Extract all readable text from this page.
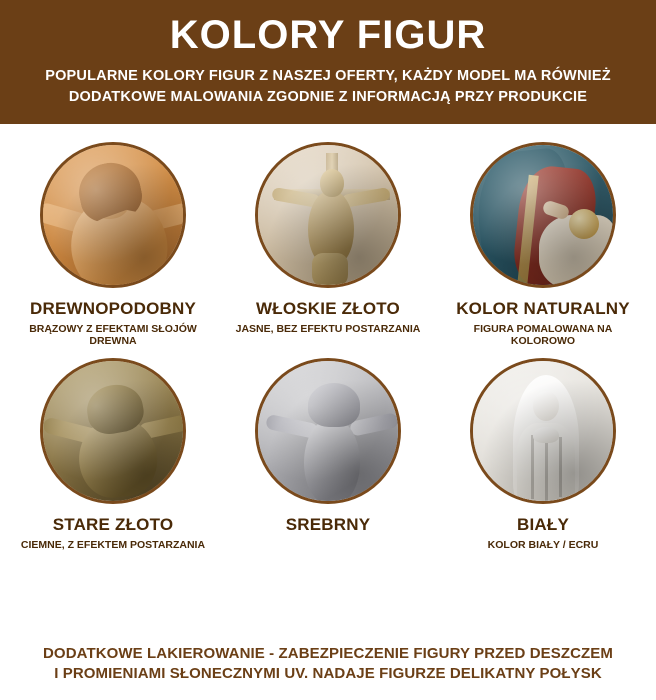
KOLORY FIGUR

POPULARNE KOLORY FIGUR Z NASZEJ OFERTY, KAŻDY MODEL MA RÓWNIEŻ

DODATKOWE MALOWANIA ZGODNIE Z INFORMACJĄ PRZY PRODUKCIE

DREWNOPODOBNY
BRĄZOWY Z EFEKTAMI SŁOJÓW DREWNA
WŁOSKIE ZŁOTO
JASNE, BEZ EFEKTU POSTARZANIA
KOLOR NATURALNY
FIGURA POMALOWANA NA KOLOROWO
STARE ZŁOTO
CIEMNE, Z EFEKTEM POSTARZANIA
SREBRNY	BIAŁY
KOLOR BIAŁY / ECRU

DODATKOWE LAKIEROWANIE - ZABEZPIECZENIE FIGURY PRZED DESZCZEM

I PROMIENIAMI SŁONECZNYMI UV. NADAJE FIGURZE DELIKATNY POŁYSK
